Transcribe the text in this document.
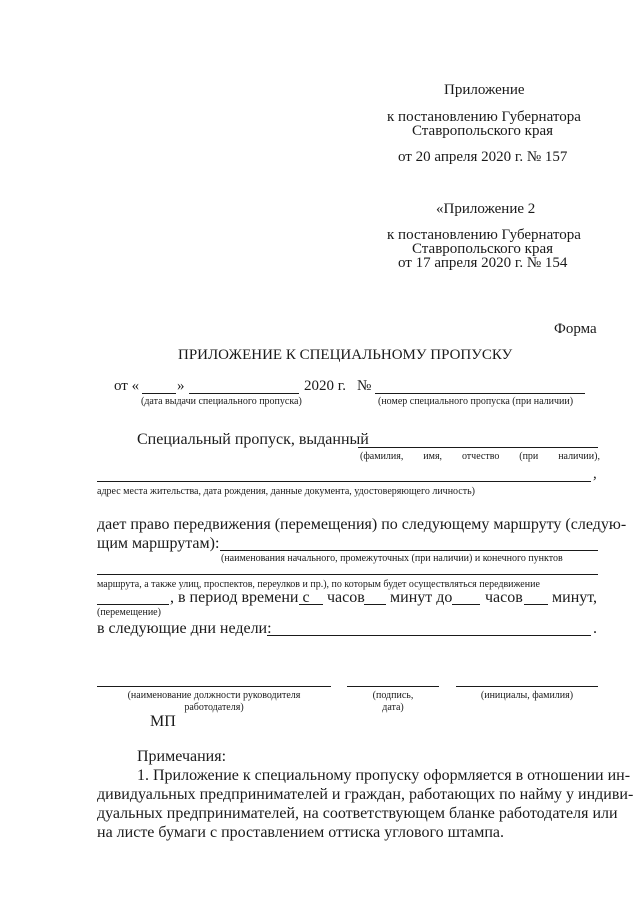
Приложение
к постановлению Губернатора
Ставропольского края
от 20 апреля 2020 г. № 157
«Приложение 2
к постановлению Губернатора
Ставропольского края
от 17 апреля 2020 г. № 154
Форма
ПРИЛОЖЕНИЕ К СПЕЦИАЛЬНОМУ ПРОПУСКУ
от «	»	2020 г. №
(дата выдачи специального пропуска)	(номер специального пропуска (при наличии)
Специальный пропуск, выданный
(фамилия, имя, отчество (при наличии),
,
адрес места жительства, дата рождения, данные документа, удостоверяющего личность)
дает право передвижения (перемещения) по следующему маршруту (следую-
щим маршрутам):
(наименования начального, промежуточных (при наличии) и конечного пунктов
маршрута, а также улиц, проспектов, переулков и пр.), по которым будет осуществляться передвижение
, в период времени с часов минут до часов минут,
(перемещение)
в следующие дни недели:	.
(наименование должности руководителя
работодателя)
(подпись,
дата)
(инициалы, фамилия)
МП
Примечания:
1. Приложение к специальному пропуску оформляется в отношении ин-
дивидуальных предпринимателей и граждан, работающих по найму у индиви-
дуальных предпринимателей, на соответствующем бланке работодателя или
на листе бумаги с проставлением оттиска углового штампа.
